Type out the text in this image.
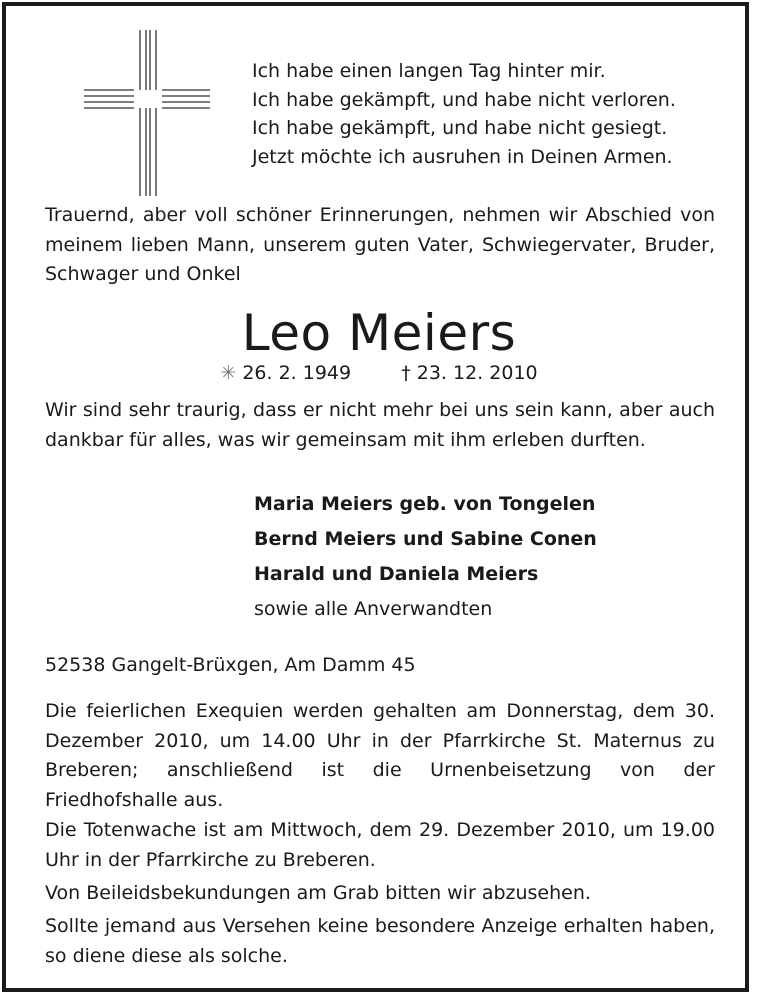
Ich habe einen langen Tag hinter mir.
Ich habe gekämpft, und habe nicht verloren.
Ich habe gekämpft, und habe nicht gesiegt.
Jetzt möchte ich ausruhen in Deinen Armen.
Trauernd, aber voll schöner Erinnerungen, nehmen wir Abschied von meinem lieben Mann, unserem guten Vater, Schwiegervater, Bruder, Schwager und Onkel
Leo Meiers
✳ 26. 2. 1949	† 23. 12. 2010
Wir sind sehr traurig, dass er nicht mehr bei uns sein kann, aber auch dankbar für alles, was wir gemeinsam mit ihm erleben durften.
Maria Meiers geb. von Tongelen
Bernd Meiers und Sabine Conen
Harald und Daniela Meiers
sowie alle Anverwandten
52538 Gangelt-Brüxgen, Am Damm 45
Die feierlichen Exequien werden gehalten am Donnerstag, dem 30. Dezember 2010, um 14.00 Uhr in der Pfarrkirche St. Maternus zu Breberen; anschließend ist die Urnenbeisetzung von der Friedhofshalle aus.
Die Totenwache ist am Mittwoch, dem 29. Dezember 2010, um 19.00 Uhr in der Pfarrkirche zu Breberen.
Von Beileidsbekundungen am Grab bitten wir abzusehen.
Sollte jemand aus Versehen keine besondere Anzeige erhalten haben, so diene diese als solche.
